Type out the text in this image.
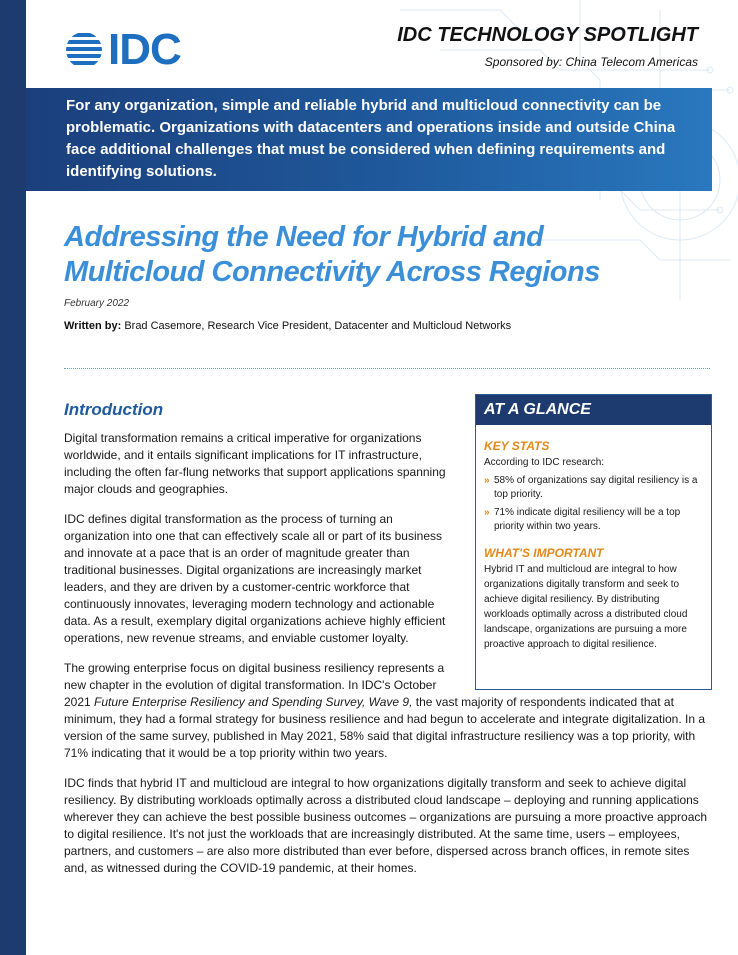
IDC	IDC TECHNOLOGY SPOTLIGHT
Sponsored by: China Telecom Americas
For any organization, simple and reliable hybrid and multicloud connectivity can be problematic. Organizations with datacenters and operations inside and outside China face additional challenges that must be considered when defining requirements and identifying solutions.
Addressing the Need for Hybrid and
Multicloud Connectivity Across Regions
February 2022
Written by: Brad Casemore, Research Vice President, Datacenter and Multicloud Networks
Introduction
Digital transformation remains a critical imperative for organizations worldwide, and it entails significant implications for IT infrastructure, including the often far-flung networks that support applications spanning major clouds and geographies.
IDC defines digital transformation as the process of turning an organization into one that can effectively scale all or part of its business and innovate at a pace that is an order of magnitude greater than traditional businesses. Digital organizations are increasingly market leaders, and they are driven by a customer-centric workforce that continuously innovates, leveraging modern technology and actionable data. As a result, exemplary digital organizations achieve highly efficient operations, new revenue streams, and enviable customer loyalty.
The growing enterprise focus on digital business resiliency represents a
new chapter in the evolution of digital transformation. In IDC's October
2021 Future Enterprise Resiliency and Spending Survey, Wave 9, the vast majority of respondents indicated that at minimum, they had a formal strategy for business resilience and had begun to accelerate and integrate digitalization. In a version of the same survey, published in May 2021, 58% said that digital infrastructure resiliency was a top priority, with 71% indicating that it would be a top priority within two years.
IDC finds that hybrid IT and multicloud are integral to how organizations digitally transform and seek to achieve digital resiliency. By distributing workloads optimally across a distributed cloud landscape – deploying and running applications wherever they can achieve the best possible business outcomes – organizations are pursuing a more proactive approach to digital resilience. It's not just the workloads that are increasingly distributed. At the same time, users – employees, partners, and customers – are also more distributed than ever before, dispersed across branch offices, in remote sites and, as witnessed during the COVID-19 pandemic, at their homes.
AT A GLANCE
KEY STATS
According to IDC research:
» 58% of organizations say digital resiliency is a top priority.
» 71% indicate digital resiliency will be a top priority within two years.
WHAT'S IMPORTANT
Hybrid IT and multicloud are integral to how organizations digitally transform and seek to achieve digital resiliency. By distributing workloads optimally across a distributed cloud landscape, organizations are pursuing a more proactive approach to digital resilience.
